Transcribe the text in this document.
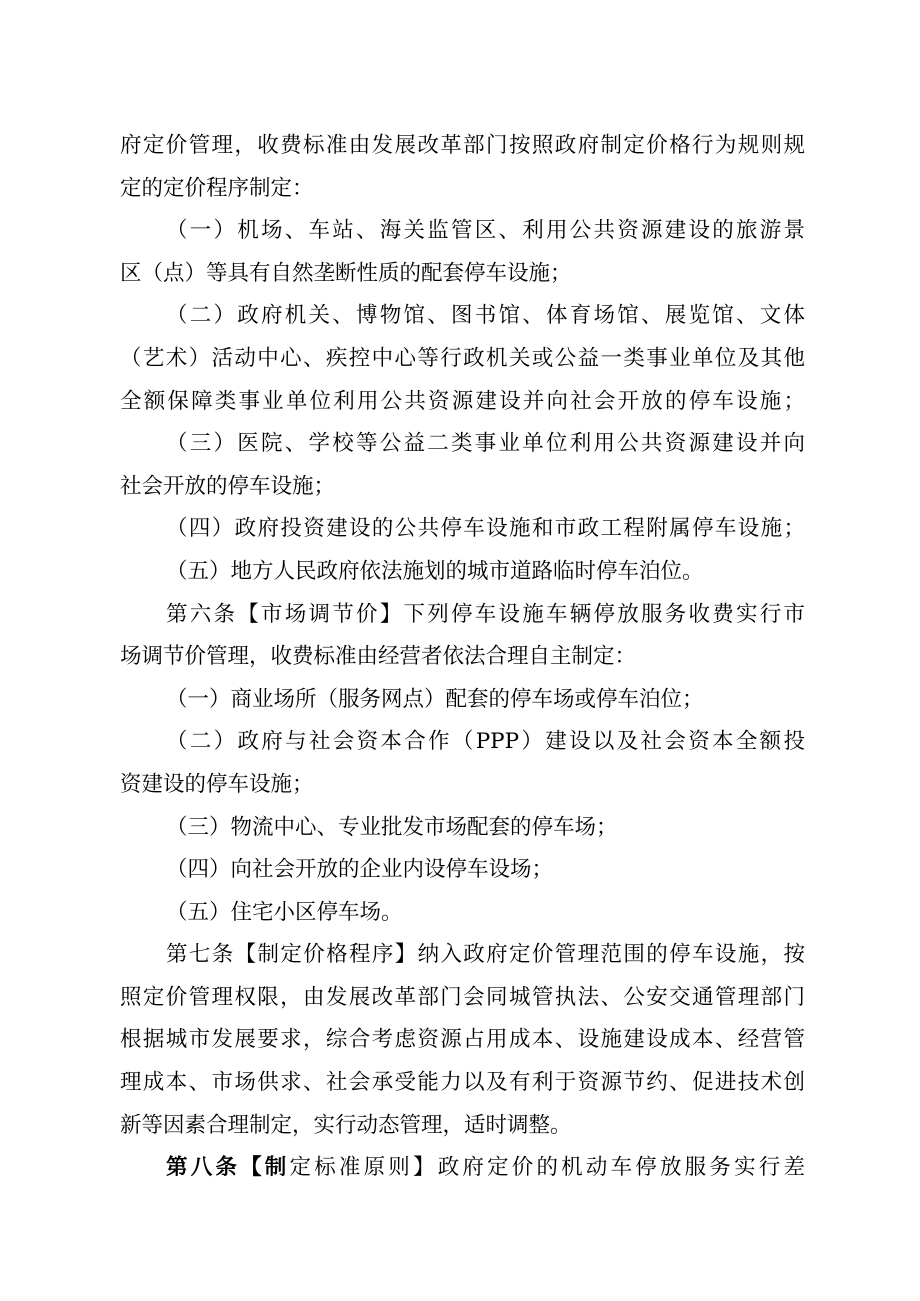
府定价管理，收费标准由发展改革部门按照政府制定价格行为规则规
定的定价程序制定：
（一）机场、车站、海关监管区、利用公共资源建设的旅游景
区（点）等具有自然垄断性质的配套停车设施；
（二）政府机关、博物馆、图书馆、体育场馆、展览馆、文体
（艺术）活动中心、疾控中心等行政机关或公益一类事业单位及其他
全额保障类事业单位利用公共资源建设并向社会开放的停车设施；
（三）医院、学校等公益二类事业单位利用公共资源建设并向
社会开放的停车设施；
（四）政府投资建设的公共停车设施和市政工程附属停车设施；
（五）地方人民政府依法施划的城市道路临时停车泊位。
第六条【市场调节价】下列停车设施车辆停放服务收费实行市
场调节价管理，收费标准由经营者依法合理自主制定：
（一）商业场所（服务网点）配套的停车场或停车泊位；
（二）政府与社会资本合作（PPP）建设以及社会资本全额投
资建设的停车设施；
（三）物流中心、专业批发市场配套的停车场；
（四）向社会开放的企业内设停车设场；
（五）住宅小区停车场。
第七条【制定价格程序】纳入政府定价管理范围的停车设施，按
照定价管理权限，由发展改革部门会同城管执法、公安交通管理部门
根据城市发展要求，综合考虑资源占用成本、设施建设成本、经营管
理成本、市场供求、社会承受能力以及有利于资源节约、促进技术创
新等因素合理制定，实行动态管理，适时调整。
第八条【制定标准原则】政府定价的机动车停放服务实行差
